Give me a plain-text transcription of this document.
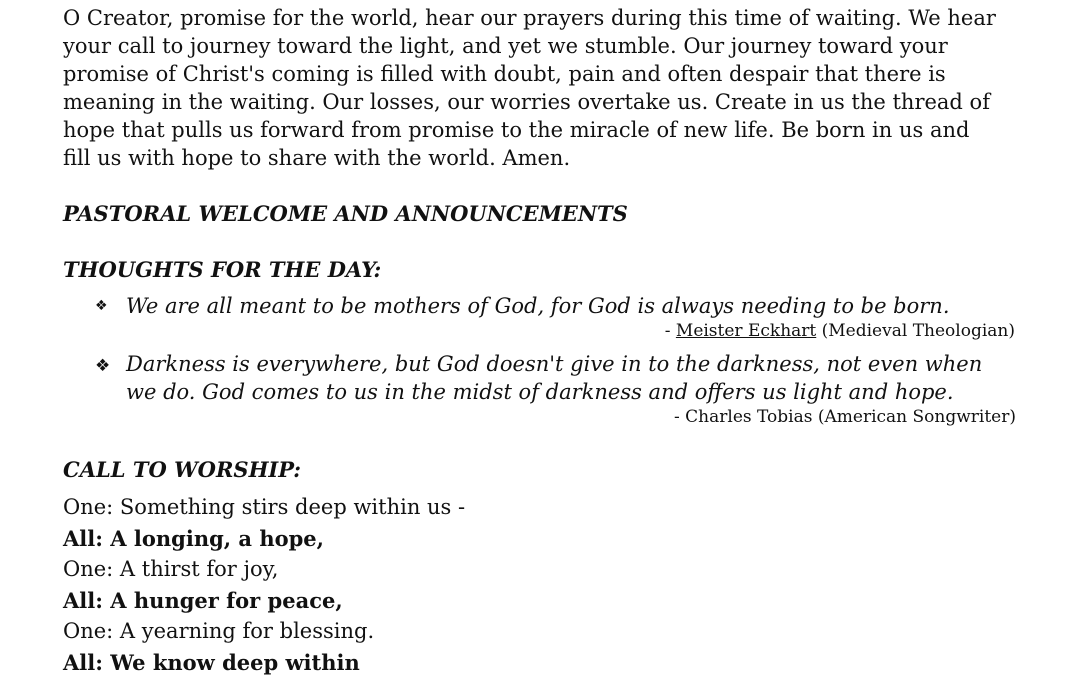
O Creator, promise for the world, hear our prayers during this time of waiting. We hear

your call to journey toward the light, and yet we stumble. Our journey toward your

promise of Christ's coming is filled with doubt, pain and often despair that there is

meaning in the waiting. Our losses, our worries overtake us. Create in us the thread of

hope that pulls us forward from promise to the miracle of new life. Be born in us and

fill us with hope to share with the world. Amen.

PASTORAL WELCOME AND ANNOUNCEMENTS
THOUGHTS FOR THE DAY:
❖ We are all meant to be mothers of God, for God is always needing to be born.

- Meister Eckhart (Medieval Theologian)

❖ Darkness is everywhere, but God doesn't give in to the darkness, not even when
we do. God comes to us in the midst of darkness and offers us light and hope.

- Charles Tobias (American Songwriter)

CALL TO WORSHIP:

One: Something stirs deep within us -

All: A longing, a hope,

One: A thirst for joy,

All: A hunger for peace,

One: A yearning for blessing.

All: We know deep within
